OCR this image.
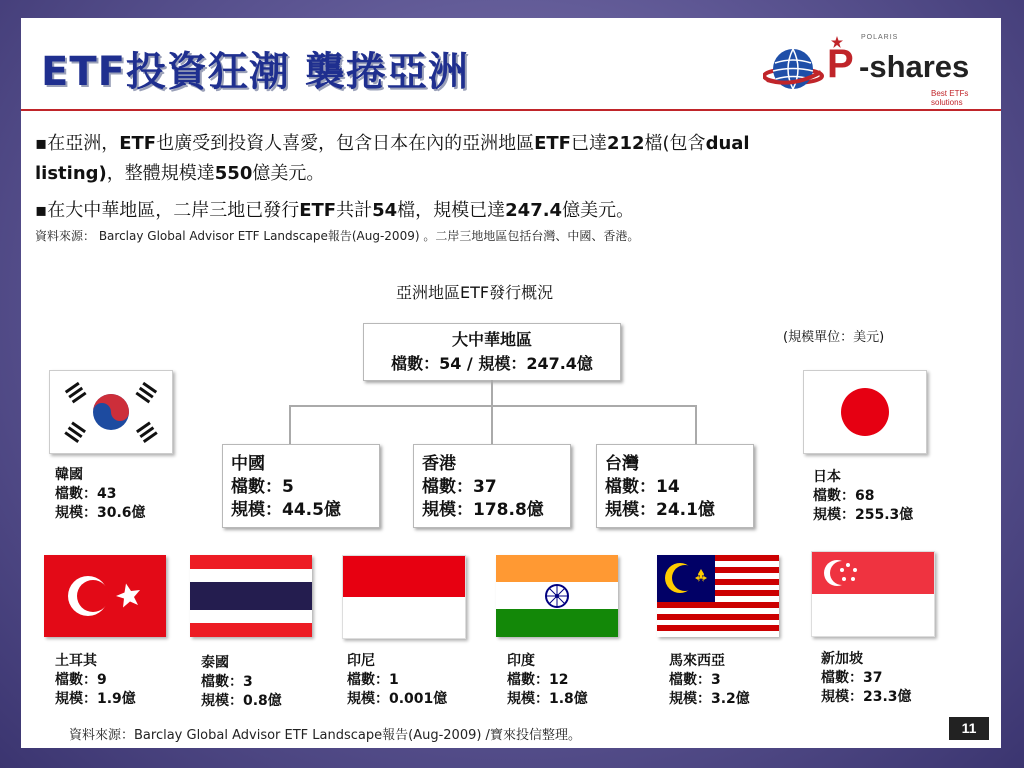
ETF投資狂潮 襲捲亞洲
POLARIS
P -shares
Best ETFs solutions
▪在亞洲，ETF也廣受到投資人喜愛，包含日本在內的亞洲地區ETF已達212檔(包含dual
listing)，整體規模達550億美元。
▪在大中華地區，二岸三地已發行ETF共計54檔，規模已達247.4億美元。
資料來源： Barclay Global Advisor ETF Landscape報告(Aug-2009) 。二岸三地地區包括台灣、中國、香港。
亞洲地區ETF發行概況
(規模單位：美元)
大中華地區
檔數：54 / 規模：247.4億
中國
檔數：5
規模：44.5億
香港
檔數：37
規模：178.8億
台灣
檔數：14
規模：24.1億
韓國
檔數：43
規模：30.6億
日本
檔數：68
規模：255.3億
土耳其
檔數：9
規模：1.9億
泰國
檔數：3
規模：0.8億
印尼
檔數：1
規模：0.001億
印度
檔數：12
規模：1.8億
馬來西亞
檔數：3
規模：3.2億
新加坡
檔數：37
規模：23.3億
資料來源：Barclay Global Advisor ETF Landscape報告(Aug-2009) /寶來投信整理。	11
